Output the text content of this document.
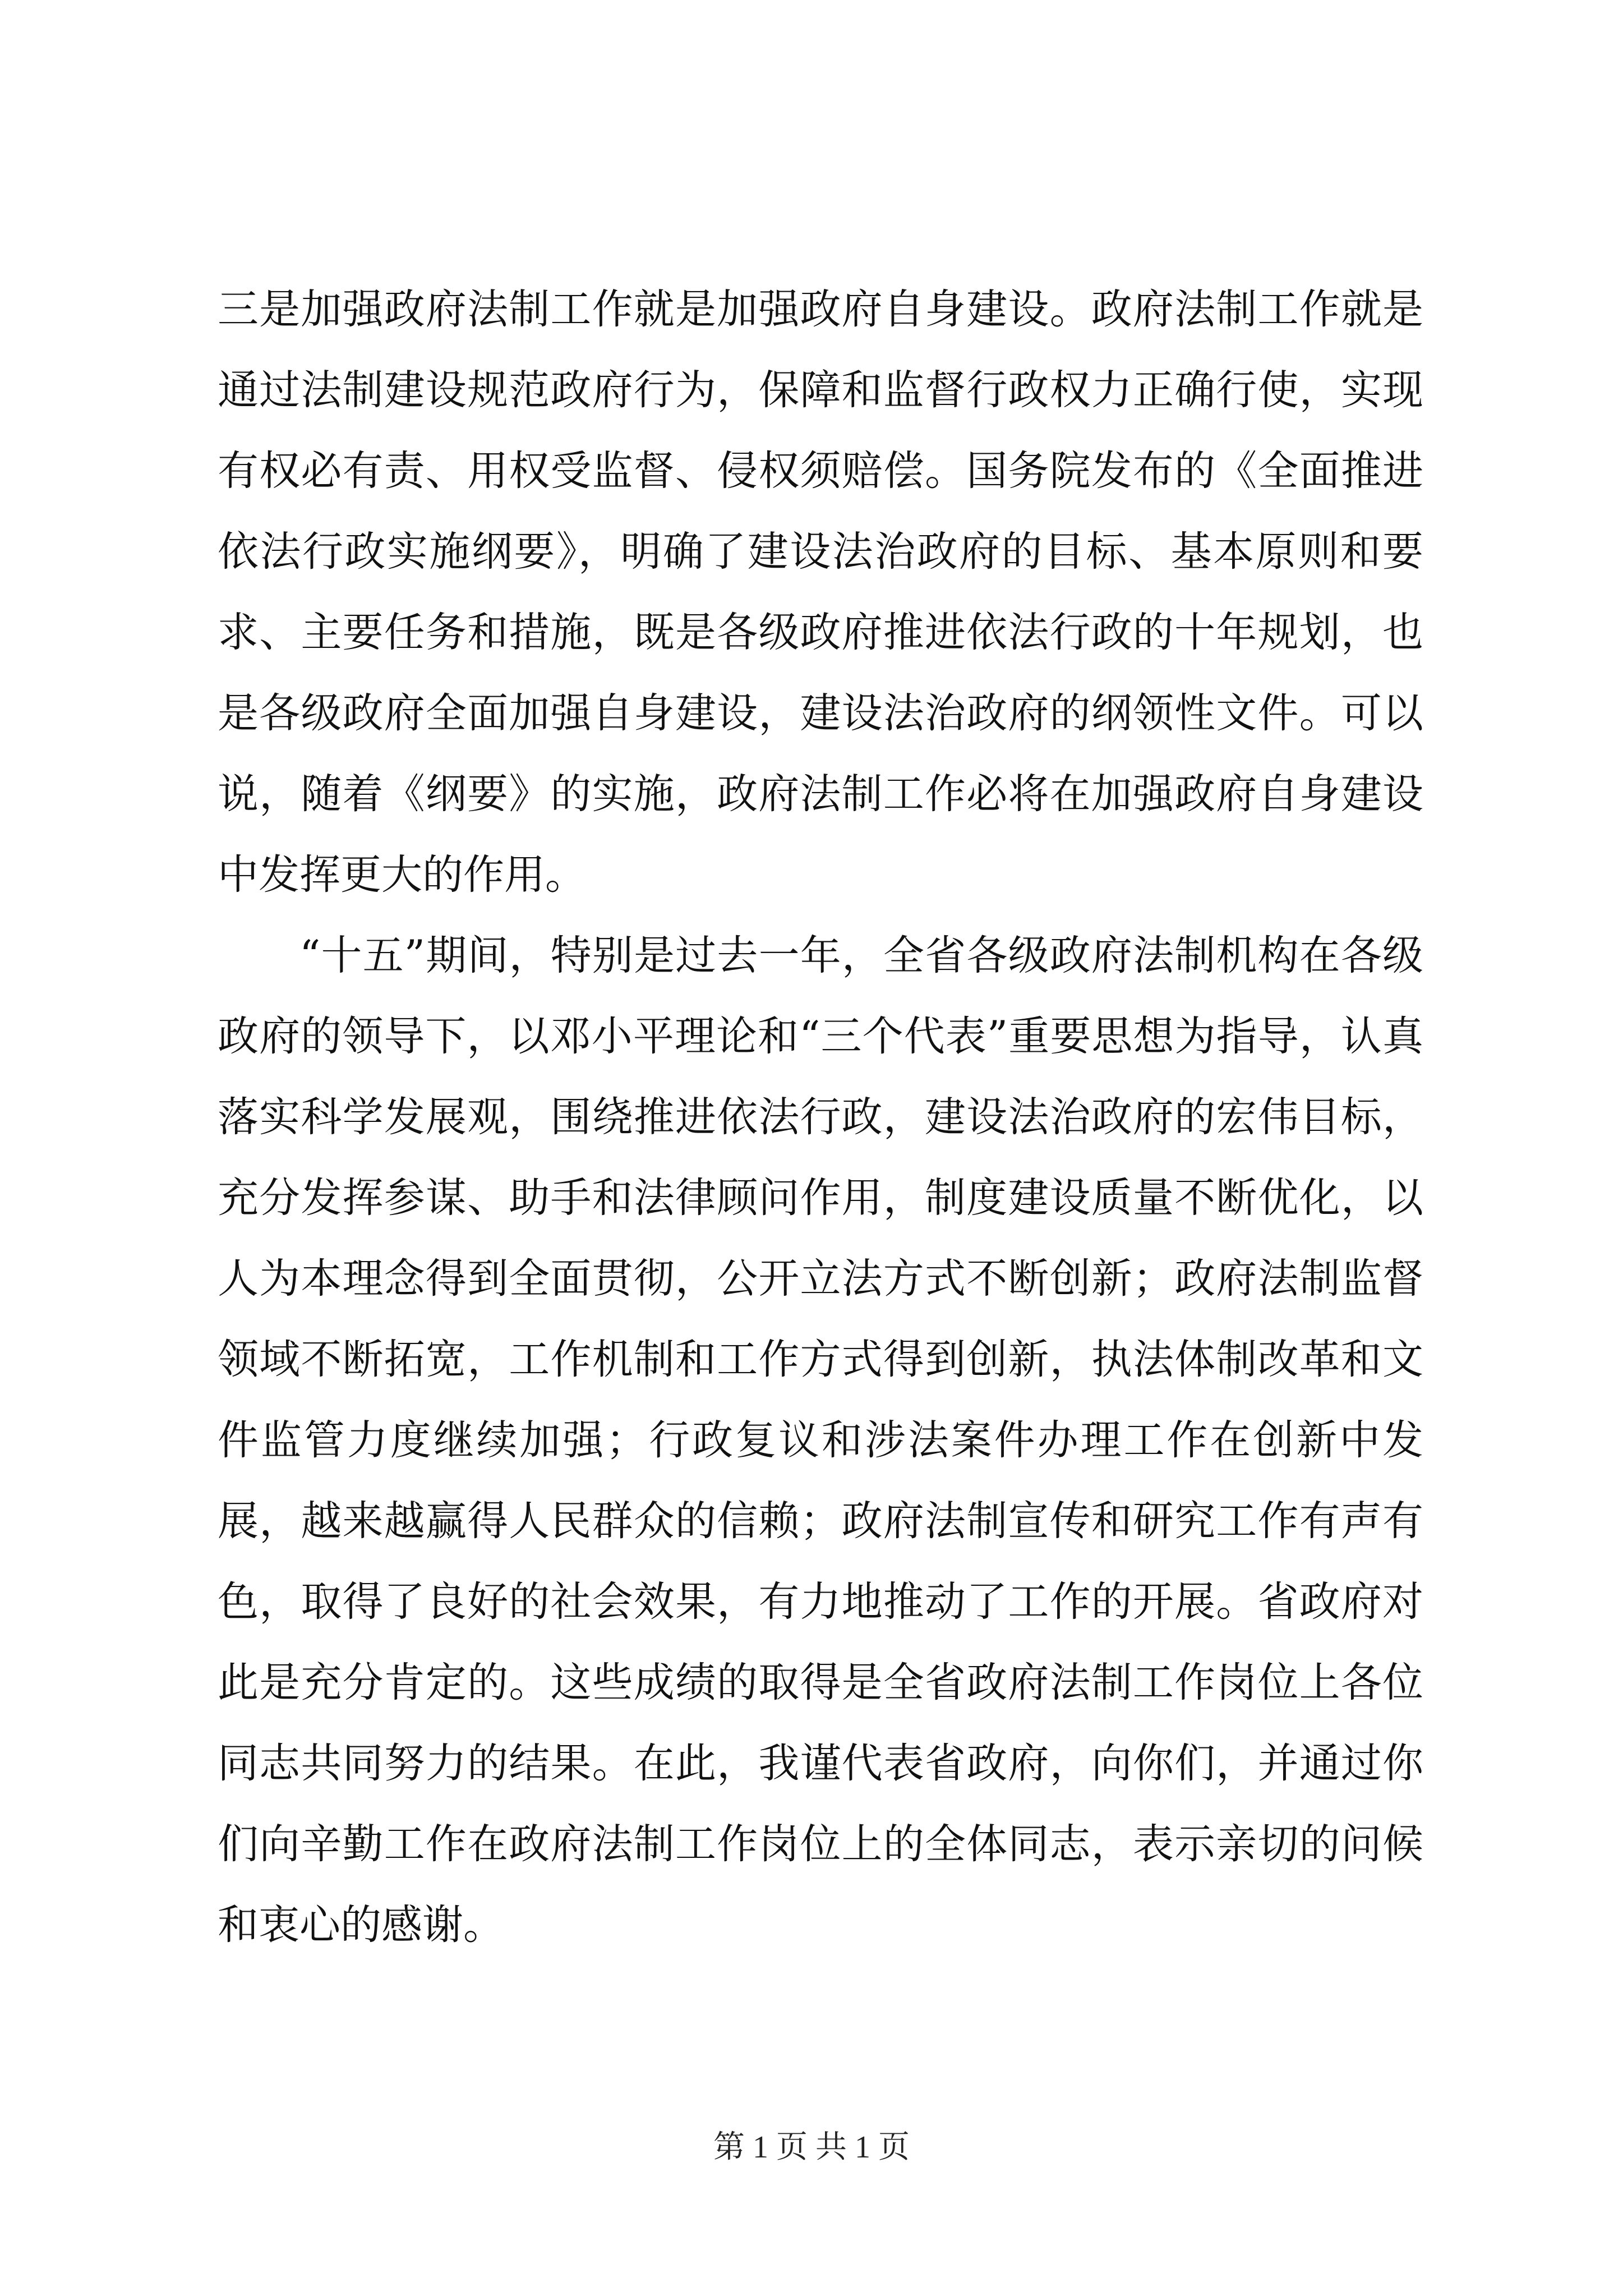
三是加强政府法制工作就是加强政府自身建设。政府法制工作就是通过法制建设规范政府行为，保障和监督行政权力正确行使，实现有权必有责、用权受监督、侵权须赔偿。国务院发布的《全面推进依法行政实施纲要》，明确了建设法治政府的目标、基本原则和要求、主要任务和措施，既是各级政府推进依法行政的十年规划，也是各级政府全面加强自身建设，建设法治政府的纲领性文件。可以说，随着《纲要》的实施，政府法制工作必将在加强政府自身建设中发挥更大的作用。

“十五”期间，特别是过去一年，全省各级政府法制机构在各级政府的领导下，以邓小平理论和“三个代表”重要思想为指导，认真落实科学发展观，围绕推进依法行政，建设法治政府的宏伟目标，充分发挥参谋、助手和法律顾问作用，制度建设质量不断优化，以人为本理念得到全面贯彻，公开立法方式不断创新；政府法制监督领域不断拓宽，工作机制和工作方式得到创新，执法体制改革和文件监管力度继续加强；行政复议和涉法案件办理工作在创新中发展，越来越赢得人民群众的信赖；政府法制宣传和研究工作有声有色，取得了良好的社会效果，有力地推动了工作的开展。省政府对此是充分肯定的。这些成绩的取得是全省政府法制工作岗位上各位同志共同努力的结果。在此，我谨代表省政府，向你们，并通过你们向辛勤工作在政府法制工作岗位上的全体同志，表示亲切的问候和衷心的感谢。

第 1 页 共 1 页
